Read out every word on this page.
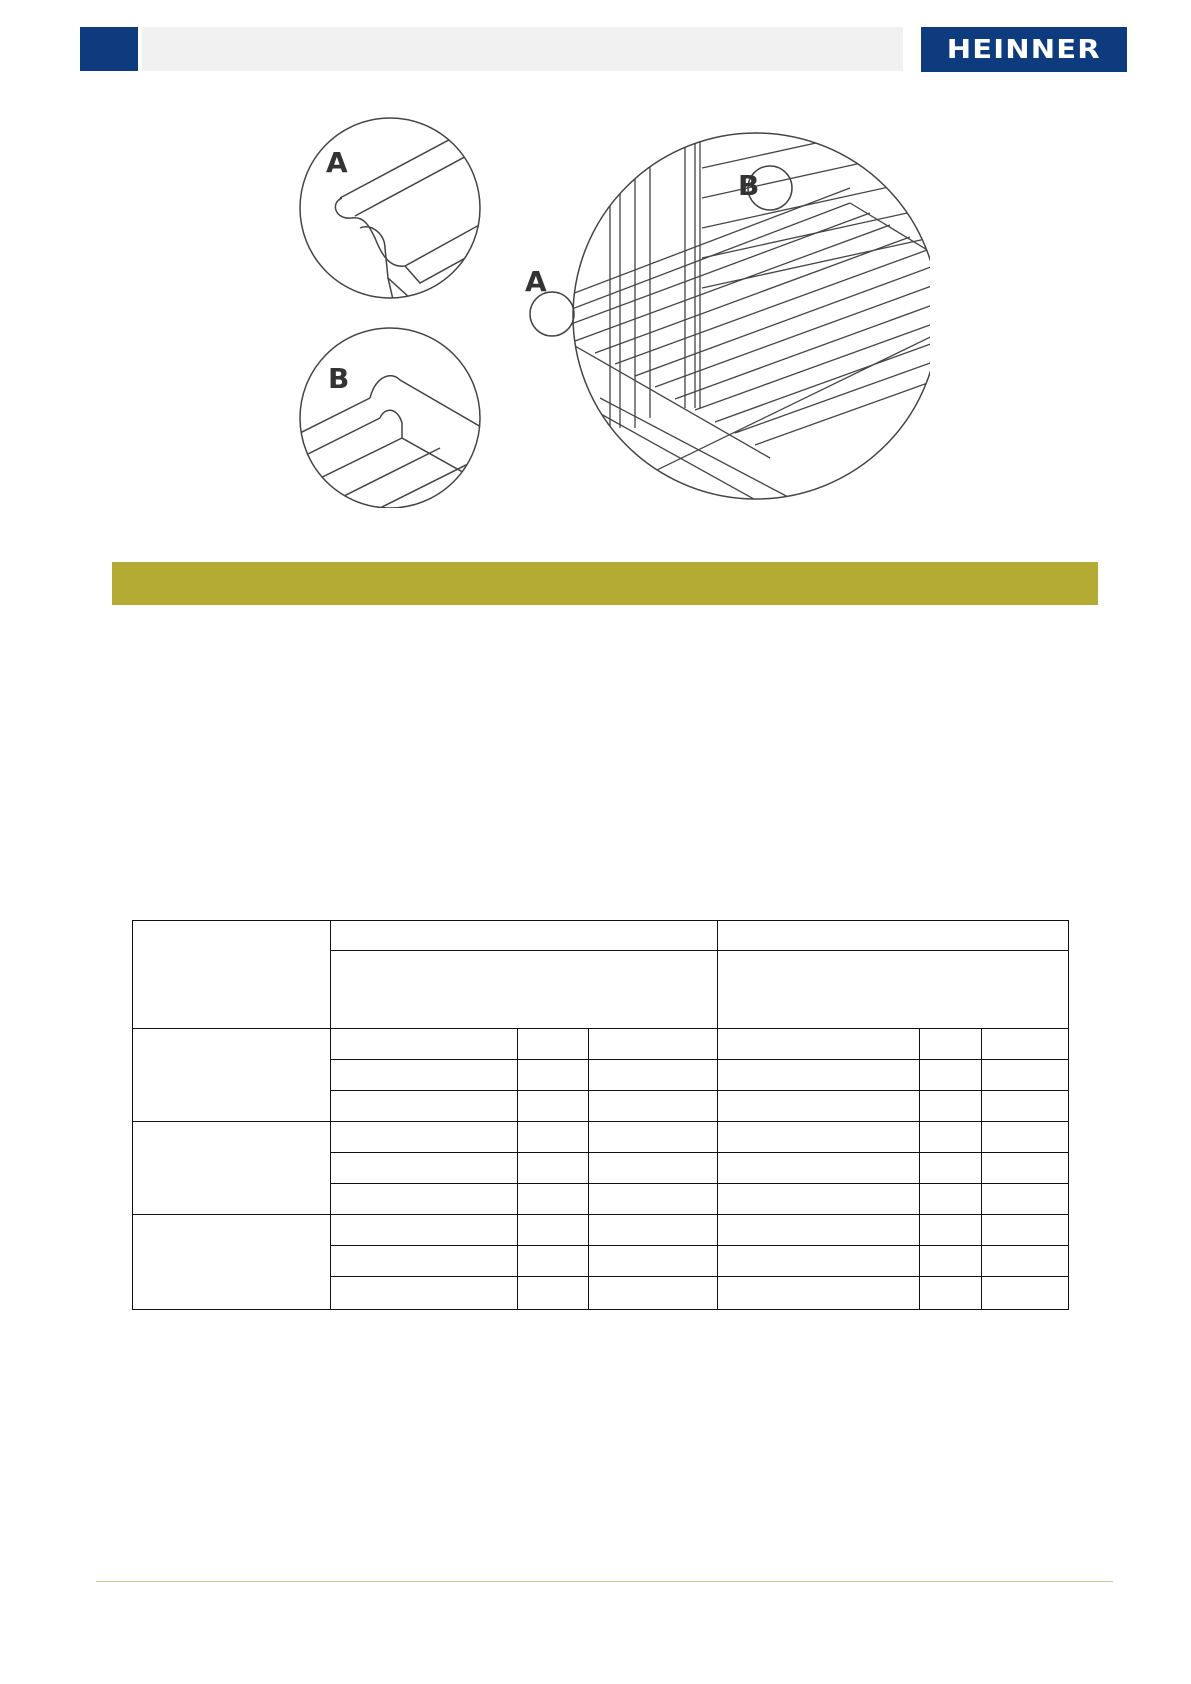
HEINNER
A
B
A
B
